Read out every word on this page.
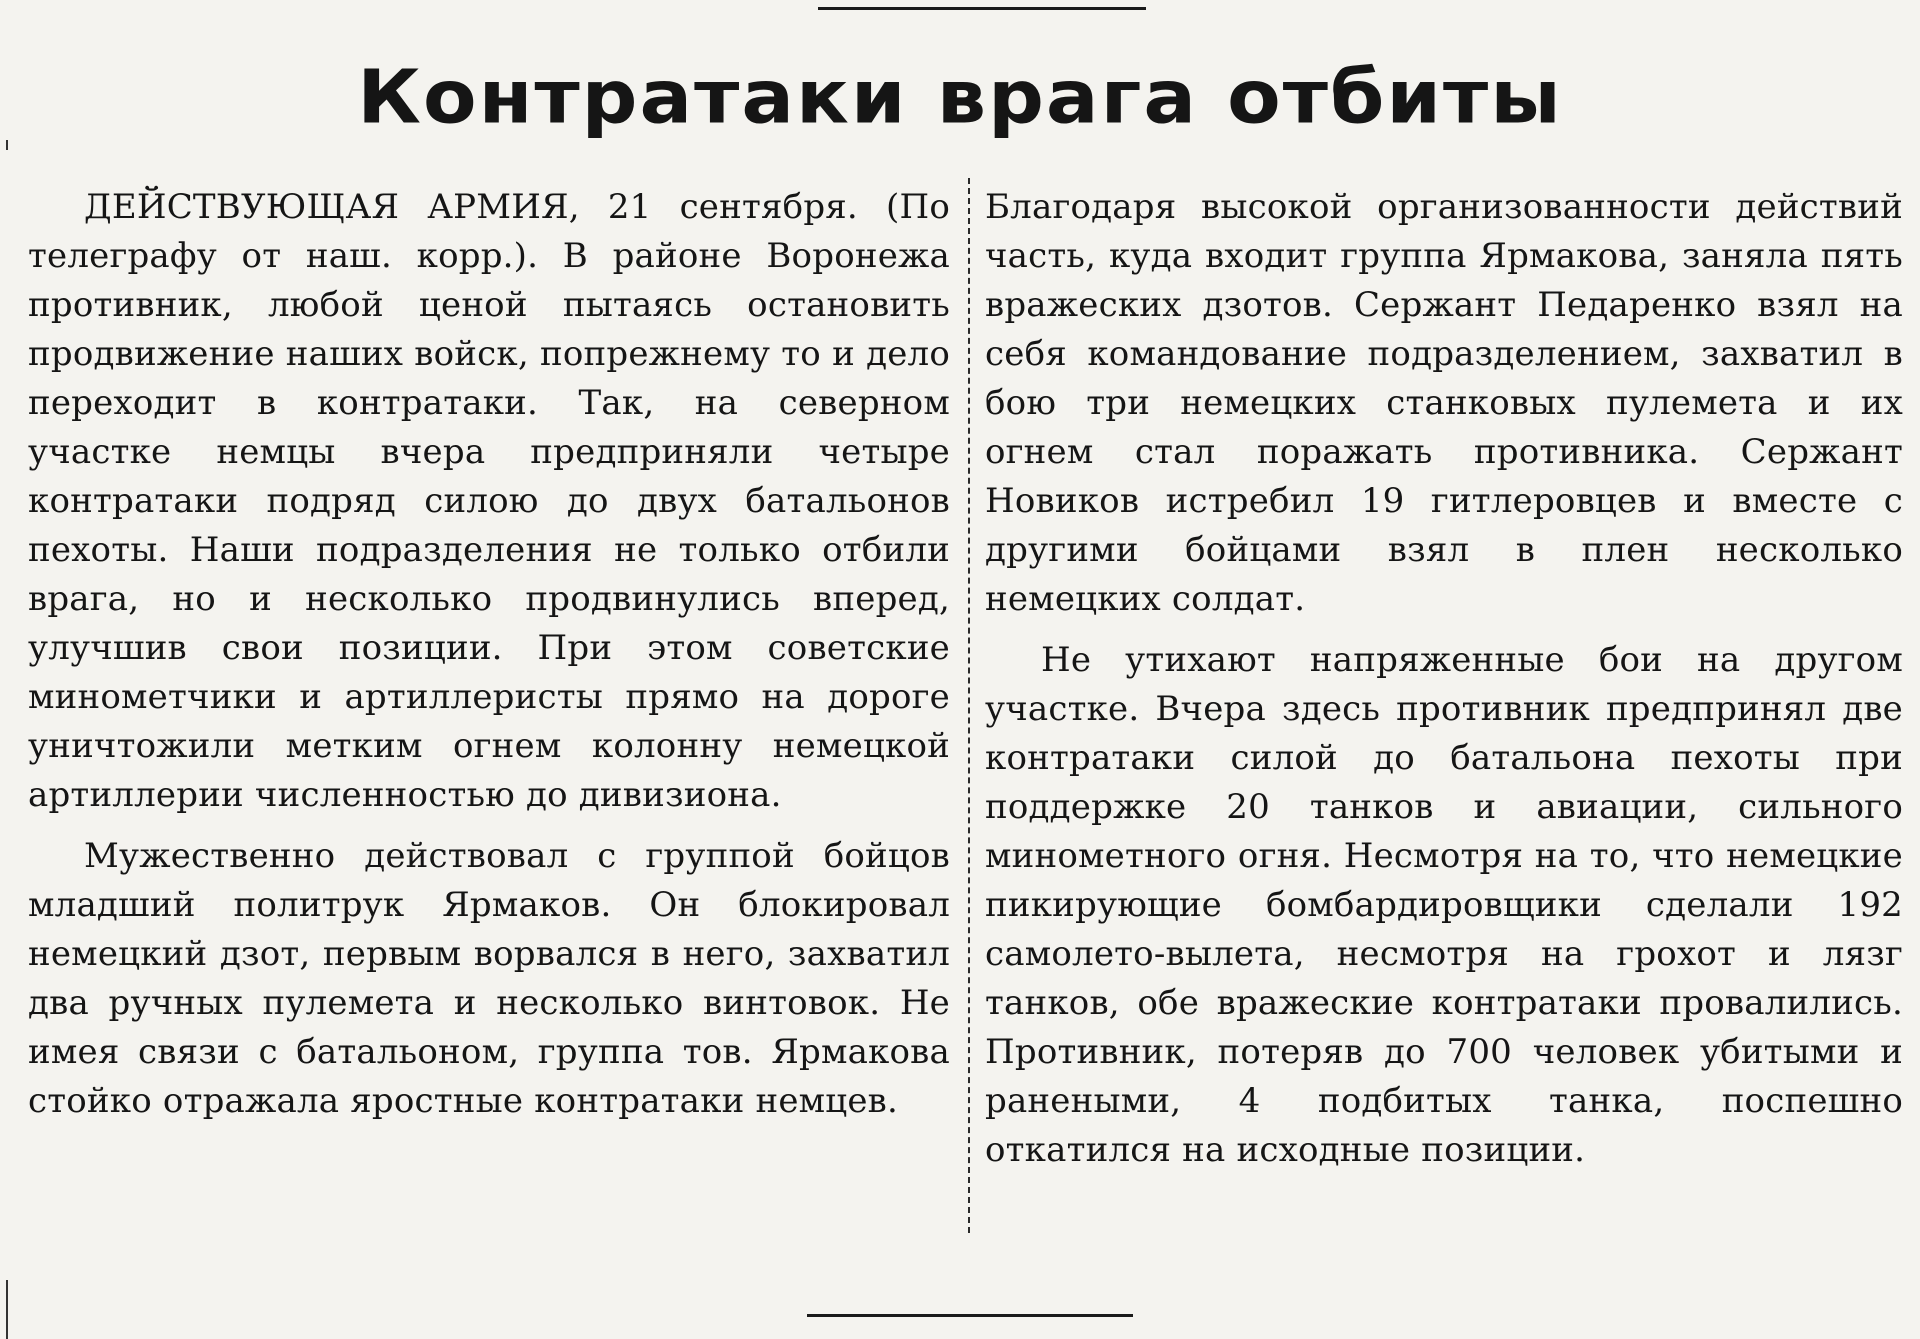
Контратаки врага отбиты

ДЕЙСТВУЮЩАЯ АРМИЯ, 21 сентября. (По телеграфу от наш. корр.). В районе Воронежа противник, любой ценой пытаясь остановить продвижение наших войск, попрежнему то и дело переходит в контратаки. Так, на северном участке немцы вчера предприняли четыре контратаки подряд силою до двух батальонов пехоты. Наши подразделения не только отбили врага, но и несколько продвинулись вперед, улучшив свои позиции. При этом советские минометчики и артиллеристы прямо на дороге уничтожили метким огнем колонну немецкой артиллерии численностью до дивизиона.

Мужественно действовал с группой бойцов младший политрук Ярмаков. Он блокировал немецкий дзот, первым ворвался в него, захватил два ручных пулемета и несколько винтовок. Не имея связи с батальоном, группа тов. Ярмакова стойко отражала яростные контратаки немцев.

Благодаря высокой организованности действий часть, куда входит группа Ярмакова, заняла пять вражеских дзотов. Сержант Педаренко взял на себя командование подразделением, захватил в бою три немецких станковых пулемета и их огнем стал поражать противника. Сержант Новиков истребил 19 гитлеровцев и вместе с другими бойцами взял в плен несколько немецких солдат.

Не утихают напряженные бои на другом участке. Вчера здесь противник предпринял две контратаки силой до батальона пехоты при поддержке 20 танков и авиации, сильного минометного огня. Несмотря на то, что немецкие пикирующие бомбардировщики сделали 192 самолето-вылета, несмотря на грохот и лязг танков, обе вражеские контратаки провалились. Противник, потеряв до 700 человек убитыми и ранеными, 4 подбитых танка, поспешно откатился на исходные позиции.
